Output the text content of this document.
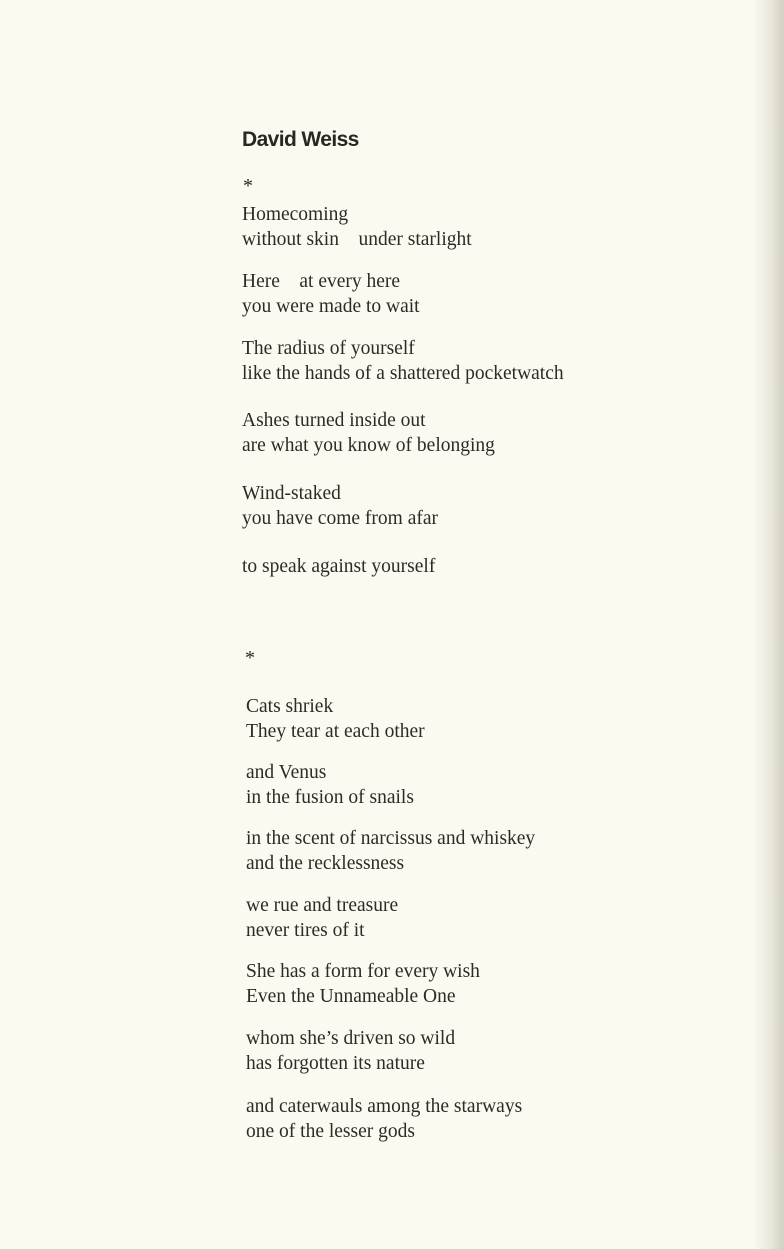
David Weiss
*
Homecoming
without skin    under starlight
Here    at every here
you were made to wait
The radius of yourself
like the hands of a shattered pocketwatch
Ashes turned inside out
are what you know of belonging
Wind-staked
you have come from afar
to speak against yourself
*
Cats shriek
They tear at each other
and Venus
in the fusion of snails
in the scent of narcissus and whiskey
and the recklessness
we rue and treasure
never tires of it
She has a form for every wish
Even the Unnameable One
whom she’s driven so wild
has forgotten its nature
and caterwauls among the starways
one of the lesser gods
